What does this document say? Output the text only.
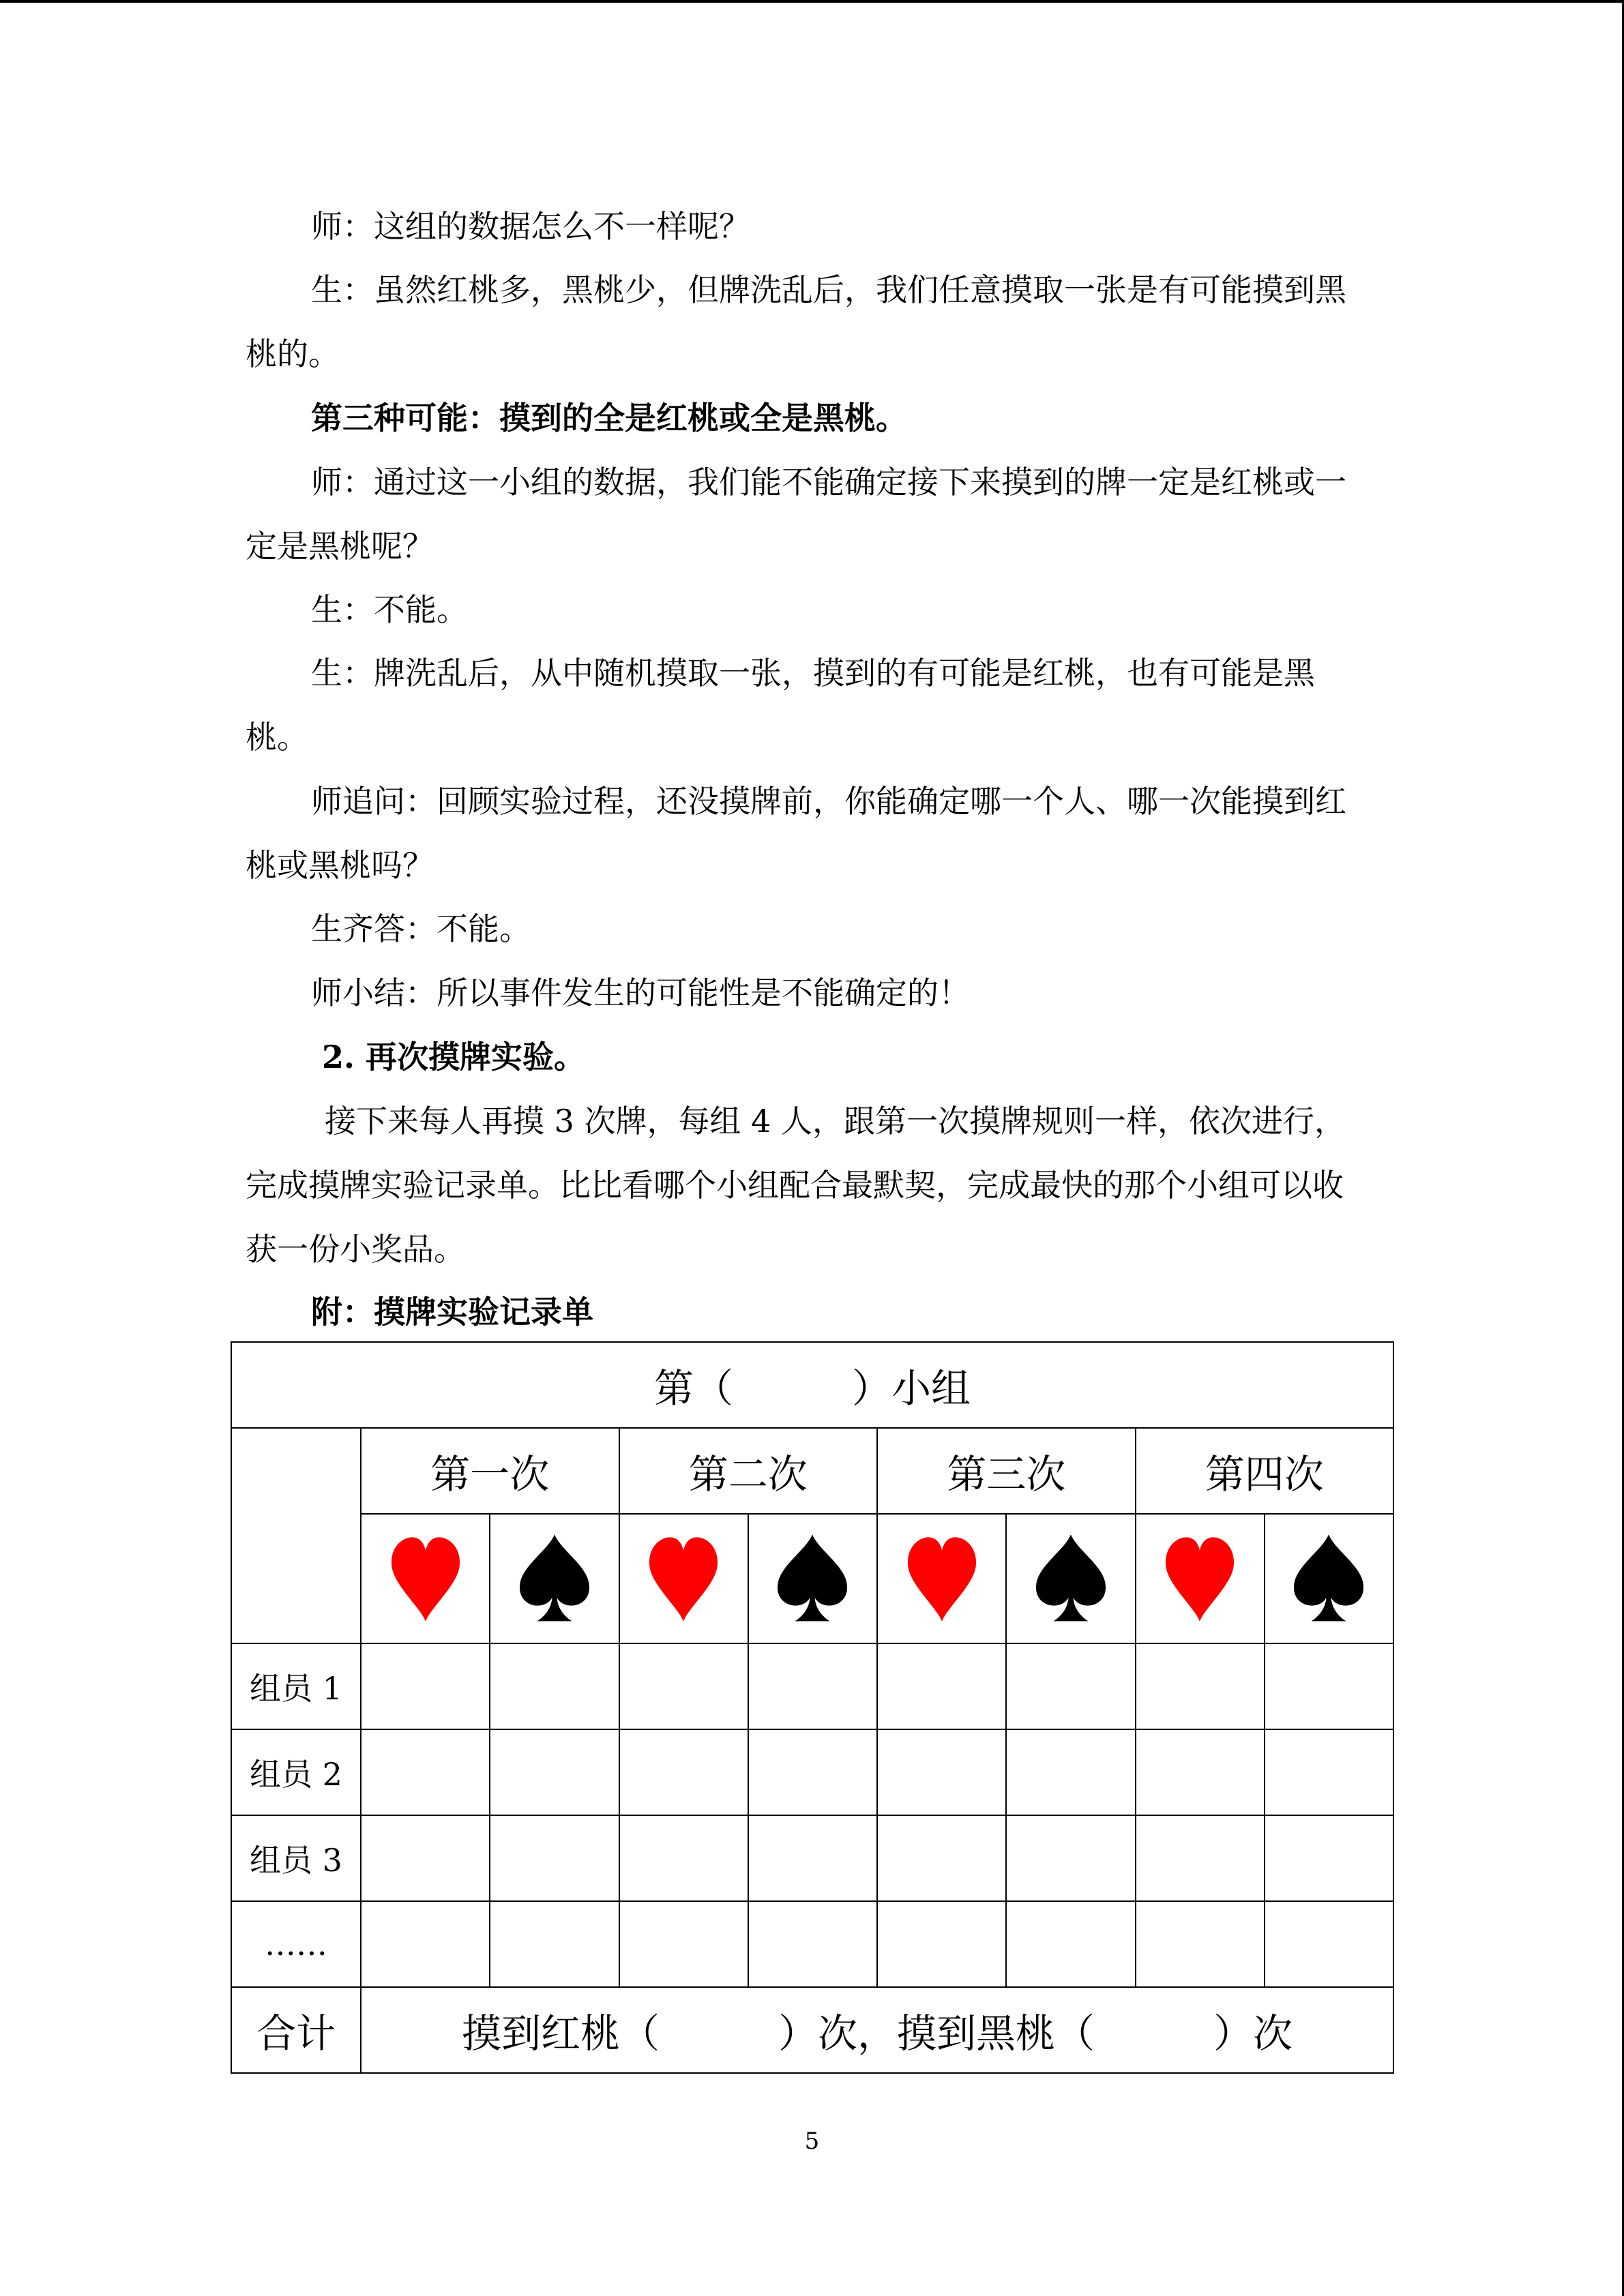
师：这组的数据怎么不一样呢？

生：虽然红桃多，黑桃少，但牌洗乱后，我们任意摸取一张是有可能摸到黑桃的。

第三种可能：摸到的全是红桃或全是黑桃。

师：通过这一小组的数据，我们能不能确定接下来摸到的牌一定是红桃或一定是黑桃呢？

生：不能。

生：牌洗乱后，从中随机摸取一张，摸到的有可能是红桃，也有可能是黑桃。

师追问：回顾实验过程，还没摸牌前，你能确定哪一个人、哪一次能摸到红桃或黑桃吗？

生齐答：不能。

师小结：所以事件发生的可能性是不能确定的！

2. 再次摸牌实验。

接下来每人再摸 3 次牌，每组 4 人，跟第一次摸牌规则一样，依次进行，完成摸牌实验记录单。比比看哪个小组配合最默契，完成最快的那个小组可以收获一份小奖品。

附：摸牌实验记录单

第（　　　）小组								
	第一次		第二次		第三次		第四次	

组员 1								
组员 2								
组员 3								
……								
合计	摸到红桃（　　　）次，摸到黑桃（　　　）次							
5
